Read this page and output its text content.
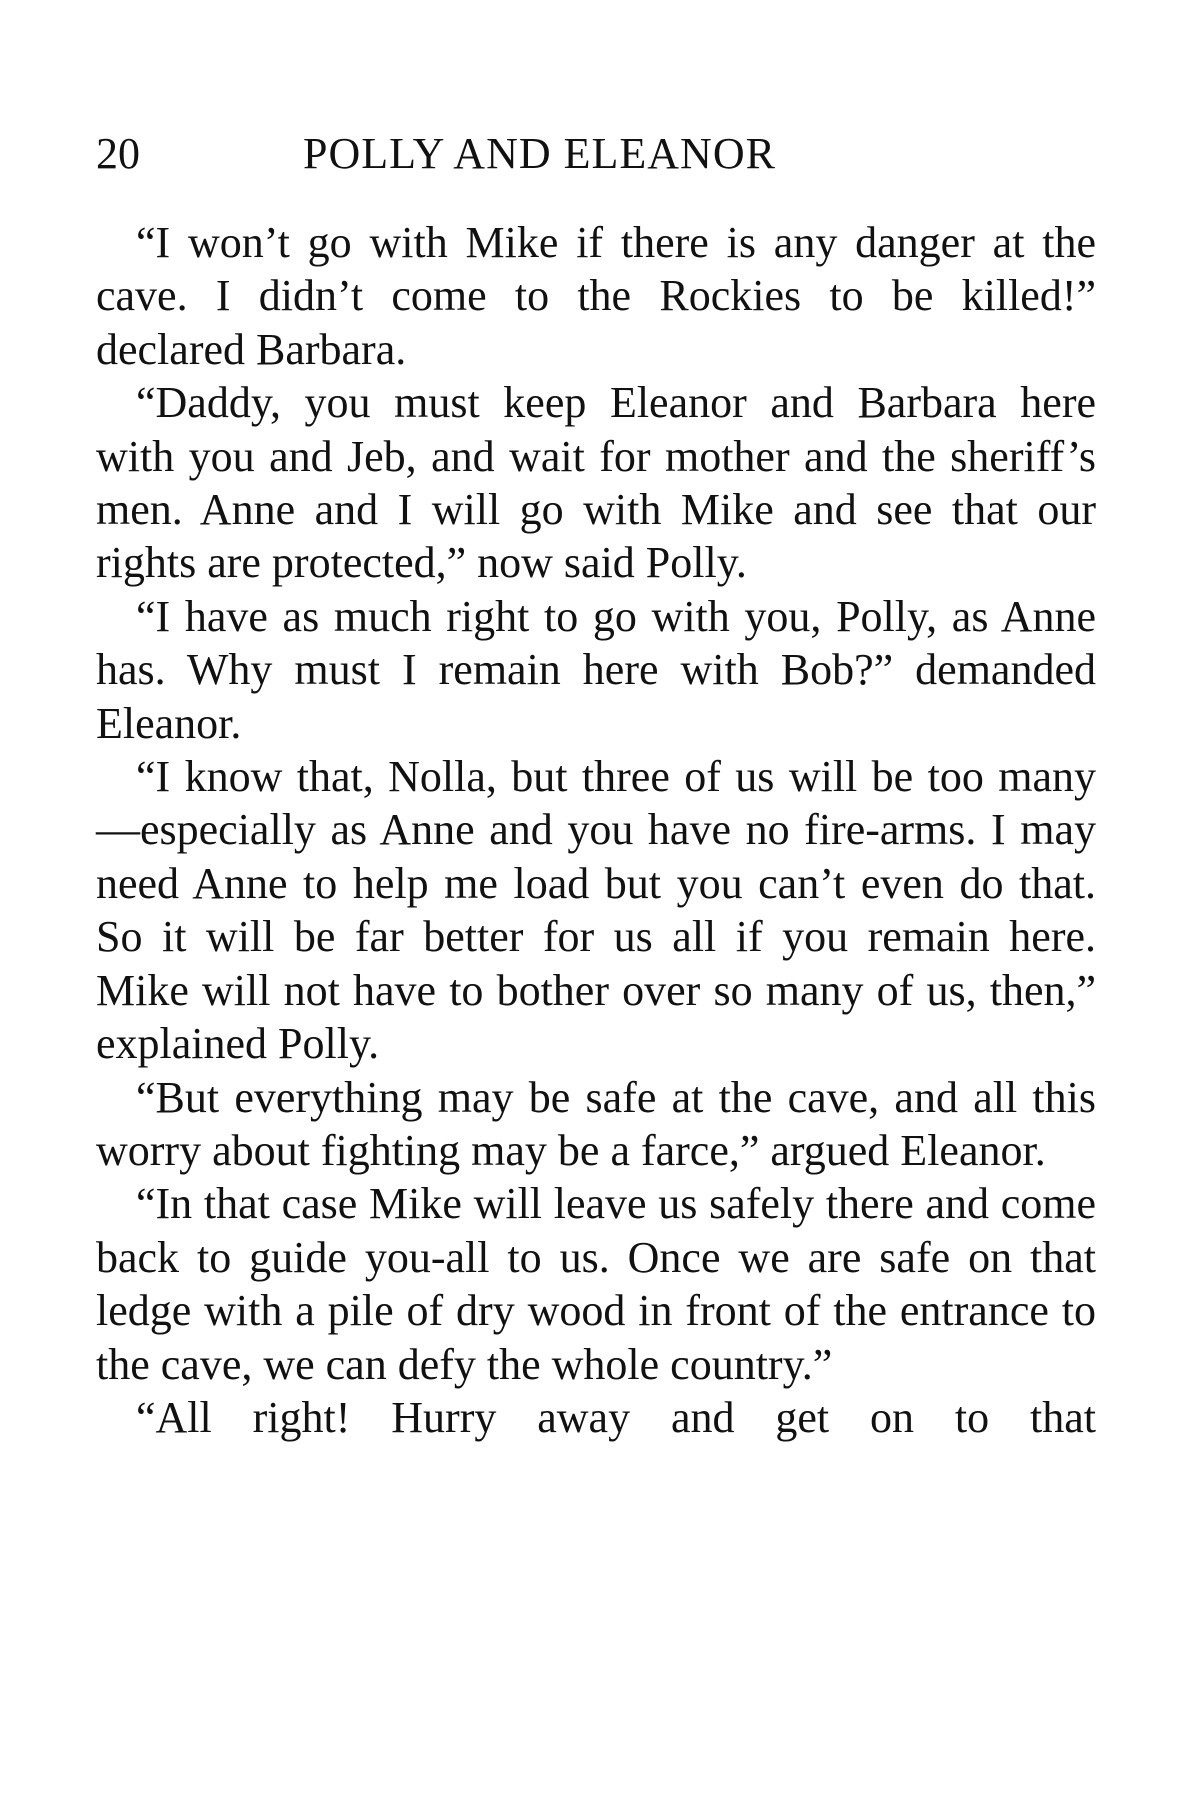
20	POLLY AND ELEANOR

“I won’t go with Mike if there is any danger at the cave. I didn’t come to the Rockies to be killed!” declared Barbara.

“Daddy, you must keep Eleanor and Barbara here with you and Jeb, and wait for mother and the sheriff’s men. Anne and I will go with Mike and see that our rights are protected,” now said Polly.

“I have as much right to go with you, Polly, as Anne has. Why must I remain here with Bob?” demanded Eleanor.

“I know that, Nolla, but three of us will be too many—especially as Anne and you have no fire-arms. I may need Anne to help me load but you can’t even do that. So it will be far better for us all if you remain here. Mike will not have to bother over so many of us, then,” explained Polly.

“But everything may be safe at the cave, and all this worry about fighting may be a farce,” argued Eleanor.

“In that case Mike will leave us safely there and come back to guide you-all to us. Once we are safe on that ledge with a pile of dry wood in front of the entrance to the cave, we can defy the whole country.”

“All right! Hurry away and get on to that
